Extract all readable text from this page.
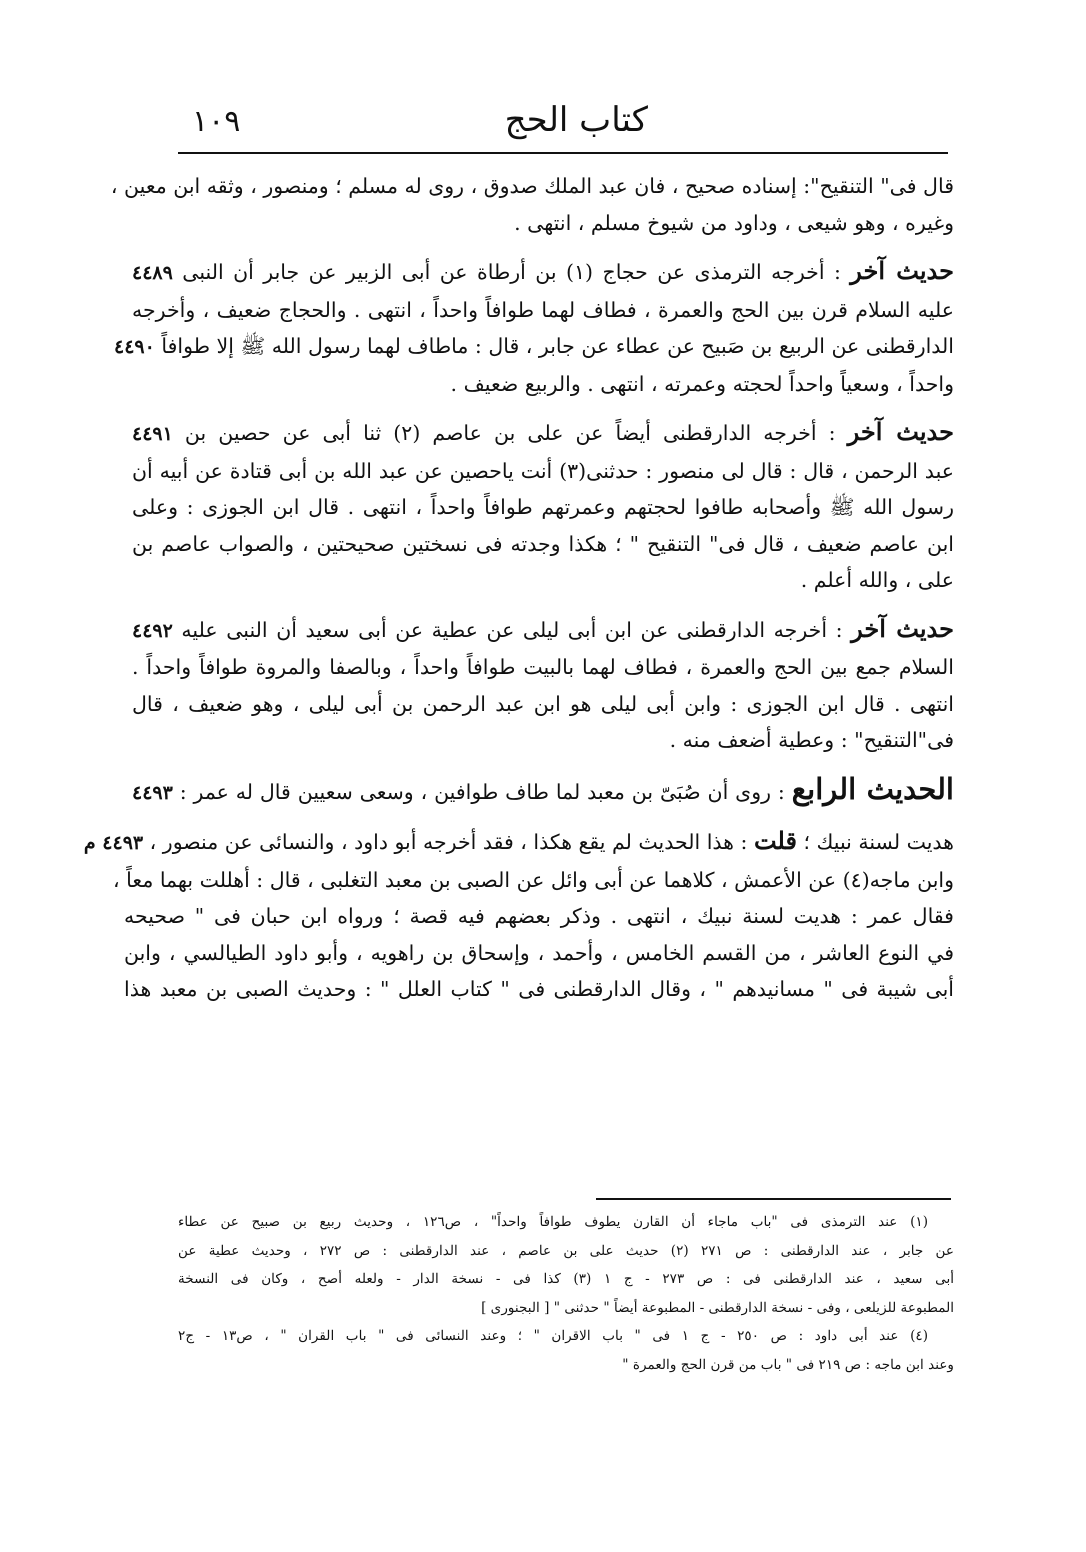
كتاب الحج
١٠٩
قال فى" التنقيح": إسناده صحيح ، فان عبد الملك صدوق ، روى له مسلم ؛ ومنصور ، وثقه ابن معين ،
وغيره ، وهو شيعى ، وداود من شيوخ مسلم ، انتهى .
حديث آخر : أخرجه الترمذى عن حجاج (١) بن أرطاة عن أبى الزبير عن جابر أن النبى ٤٤٨٩
عليه السلام قرن بين الحج والعمرة ، فطاف لهما طوافاً واحداً ، انتهى . والحجاج ضعيف ، وأخرجه
الدارقطنى عن الربيع بن صَبيح عن عطاء عن جابر ، قال : ماطاف لهما رسول الله ﷺ إلا طوافاً ٤٤٩٠
واحداً ، وسعياً واحداً لحجته وعمرته ، انتهى . والربيع ضعيف .
حديث آخر : أخرجه الدارقطنى أيضاً عن على بن عاصم (٢) ثنا أبى عن حصين بن ٤٤٩١
عبد الرحمن ، قال : قال لى منصور : حدثنى(٣) أنت ياحصين عن عبد الله بن أبى قتادة عن أبيه أن
رسول الله ﷺ وأصحابه طافوا لحجتهم وعمرتهم طوافاً واحداً ، انتهى . قال ابن الجوزى : وعلى
ابن عاصم ضعيف ، قال فى" التنقيح " ؛ هكذا وجدته فى نسختين صحيحتين ، والصواب عاصم بن
على ، والله أعلم .
حديث آخر : أخرجه الدارقطنى عن ابن أبى ليلى عن عطية عن أبى سعيد أن النبى عليه ٤٤٩٢
السلام جمع بين الحج والعمرة ، فطاف لهما بالبيت طوافاً واحداً ، وبالصفا والمروة طوافاً واحداً .
انتهى . قال ابن الجوزى : وابن أبى ليلى هو ابن عبد الرحمن بن أبى ليلى ، وهو ضعيف ، قال
فى"التنقيح" : وعطية أضعف منه .
الحديث الرابع : روى أن صُبَىّ بن معبد لما طاف طوافين ، وسعى سعيين قال له عمر : ٤٤٩٣
هديت لسنة نبيك ؛ قلت : هذا الحديث لم يقع هكذا ، فقد أخرجه أبو داود ، والنسائى عن منصور ، ٤٤٩٣ م
وابن ماجه(٤) عن الأعمش ، كلاهما عن أبى وائل عن الصبى بن معبد التغلبى ، قال : أهللت بهما معاً ،
فقال عمر : هديت لسنة نبيك ، انتهى . وذكر بعضهم فيه قصة ؛ ورواه ابن حبان فى " صحيحه
في النوع العاشر ، من القسم الخامس ، وأحمد ، وإسحاق بن راهويه ، وأبو داود الطيالسي ، وابن
أبى شيبة فى " مسانيدهم " ، وقال الدارقطنى فى " كتاب العلل " : وحديث الصبى بن معبد هذا
(١) عند الترمذى فى "باب ماجاء أن القارن يطوف طوافاً واحداً" ، ص١٢٦ ، وحديث ربيع بن صبيح عن عطاء
عن جابر ، عند الدارقطنى : ص ٢٧١ (٢) حديث على بن عاصم ، عند الدارقطنى : ص ٢٧٢ ، وحديث عطية عن
أبى سعيد ، عند الدارقطنى فى : ص ٢٧٣ - ج ١ (٣) كذا فى - نسخة الدار - ولعله أصح ، وكان فى النسخة
المطبوعة للزيلعى ، وفى - نسخة الدارقطنى - المطبوعة أيضاً " حدثنى " [ البجنورى ]
(٤) عند أبى داود : ص ٢٥٠ - ج ١ فى " باب الاقران " ؛ وعند النسائى فى " باب القران " ، ص١٣ - ج٢
وعند ابن ماجه : ص ٢١٩ فى " باب من قرن الحج والعمرة "
